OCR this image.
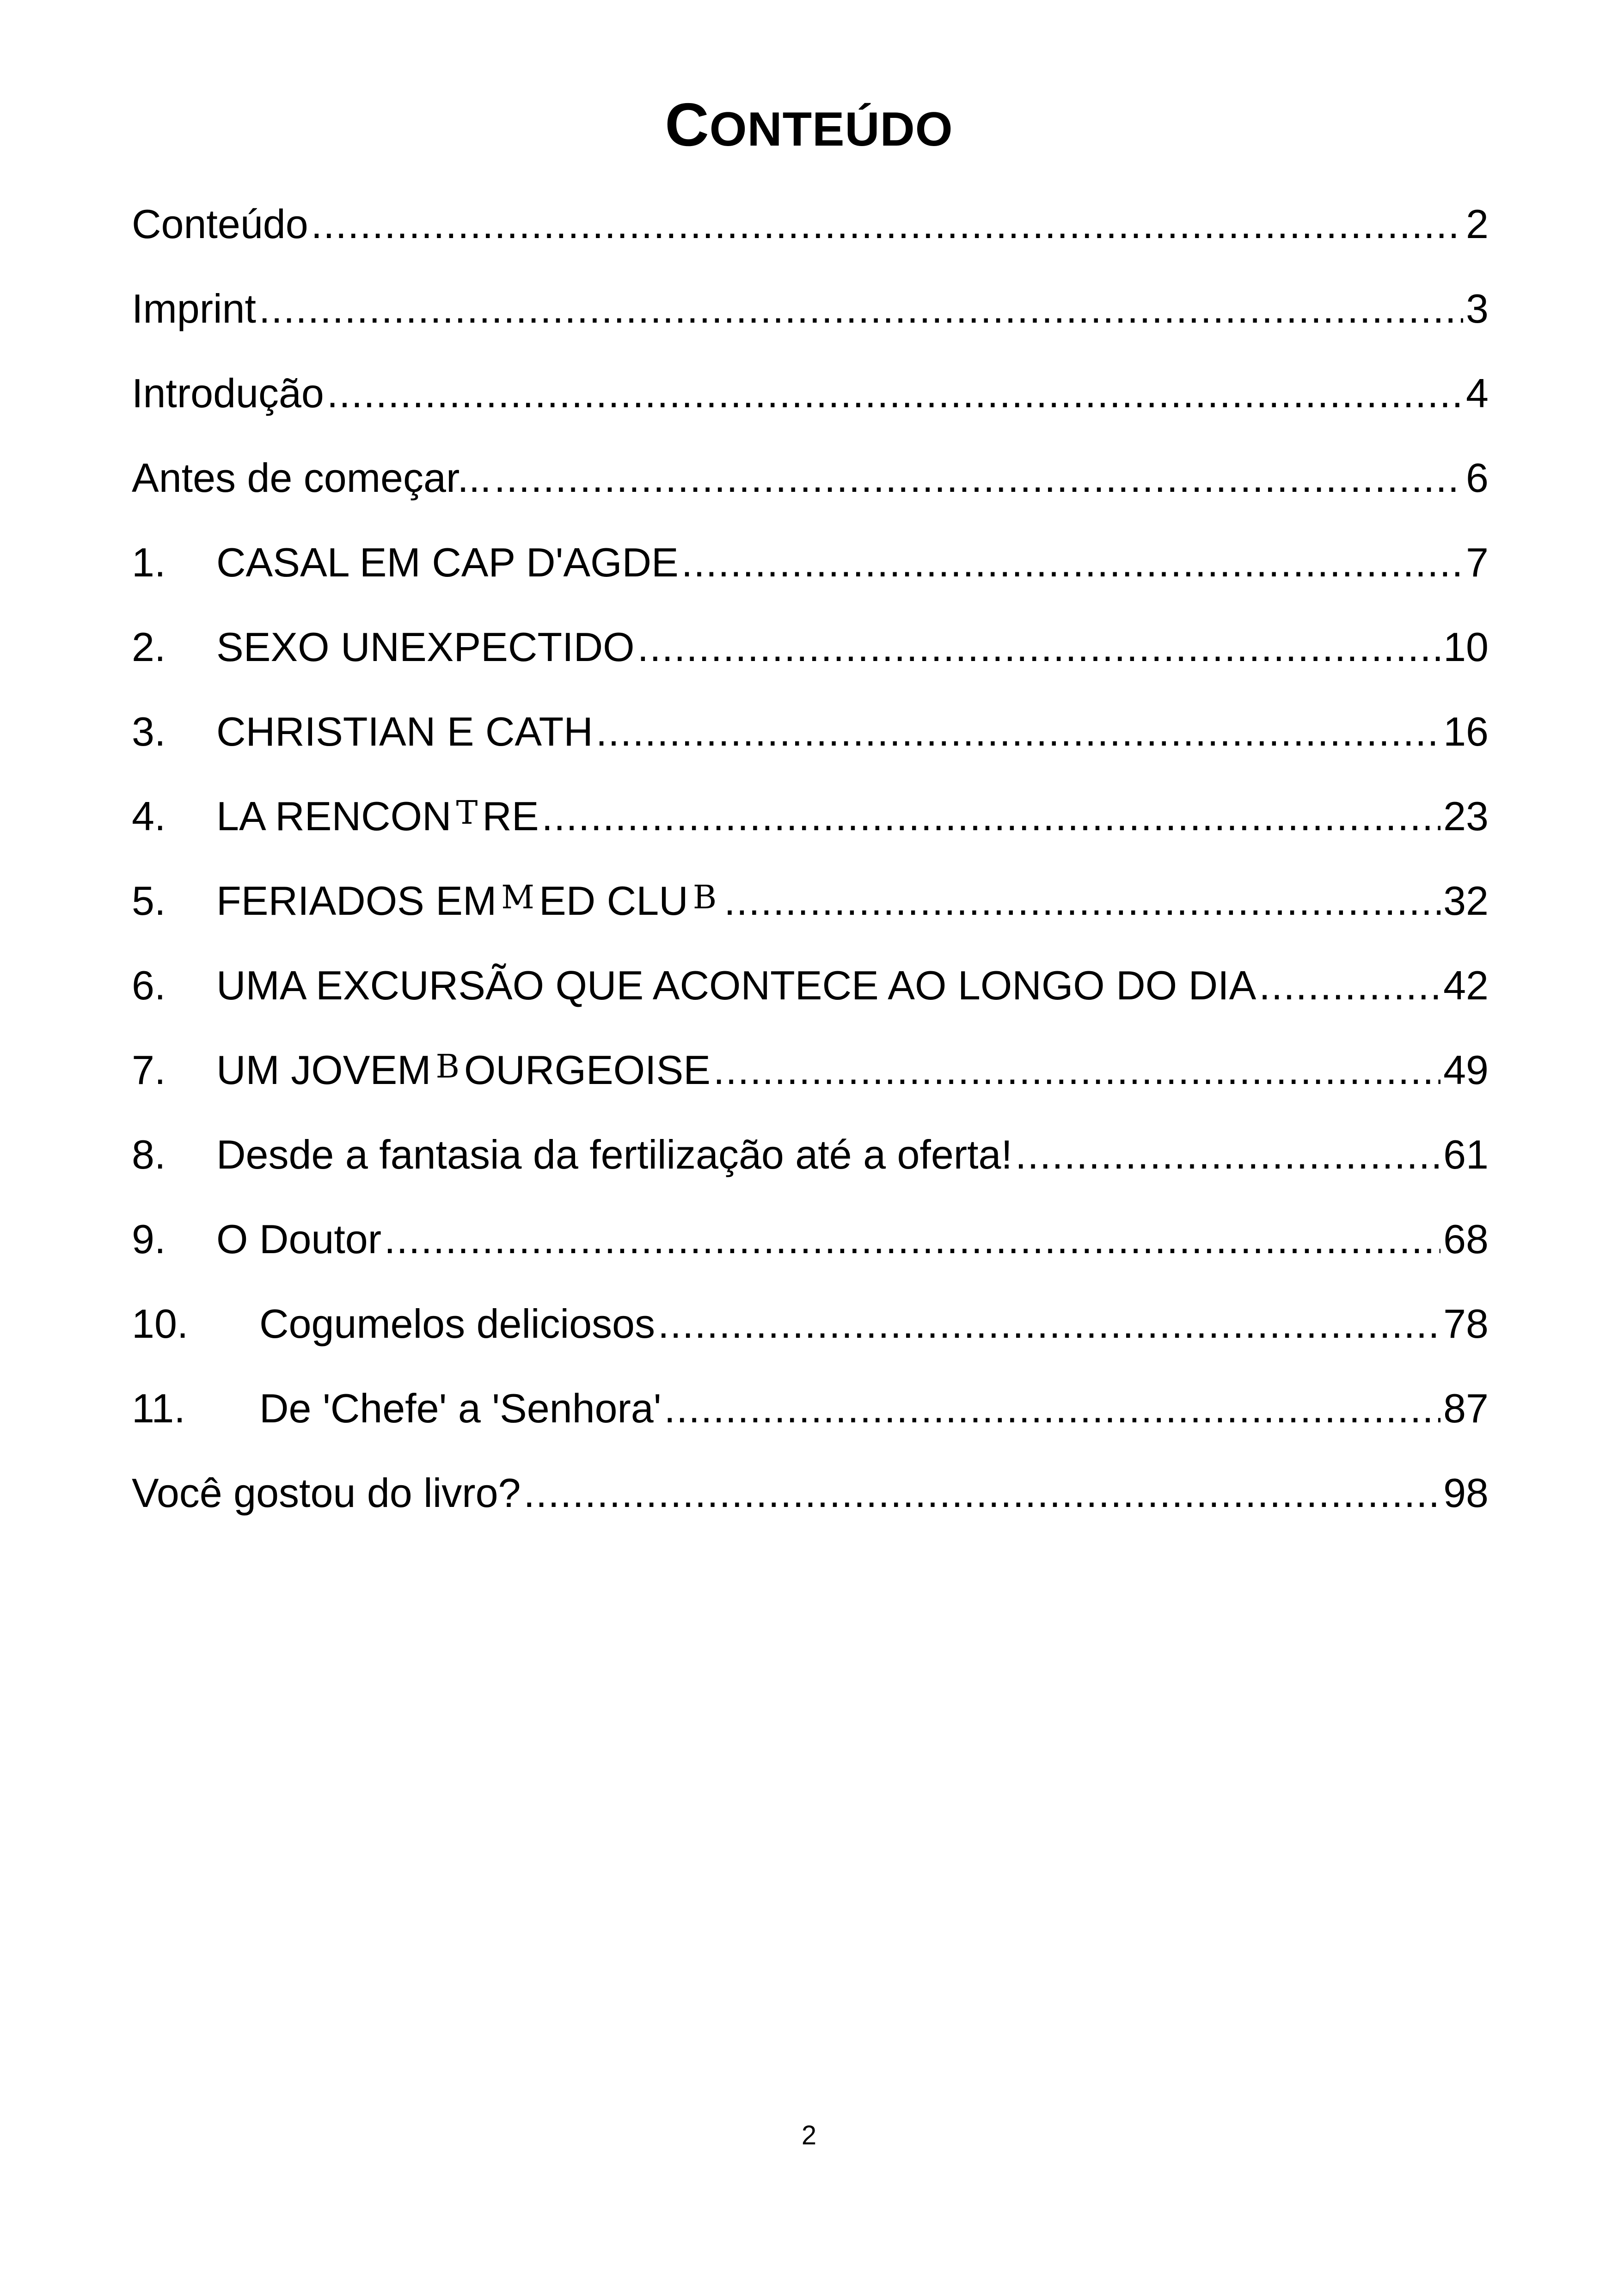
CONTEÚDO
Conteúdo .....	2
Imprint .....	3
Introdução .....	4
Antes de começar... .....	6
1.	CASAL EM CAP D'AGDE .....	7
2.	SEXO UNEXPECTIDO .....	10
3.	CHRISTIAN E CATH .....	16
4.	LA RENCON T RE .....	23
5.	FERIADOS EM M ED CLU B .....	32
6.	UMA EXCURSÃO QUE ACONTECE AO LONGO DO DIA .....	42
7.	UM JOVEM B OURGEOISE .....	49
8.	Desde a fantasia da fertilização até a oferta! .....	61
9.	O Doutor .....	68
10.	Cogumelos deliciosos .....	78
11.	De 'Chefe' a 'Senhora' .....	87
Você gostou do livro? .....	98
2
